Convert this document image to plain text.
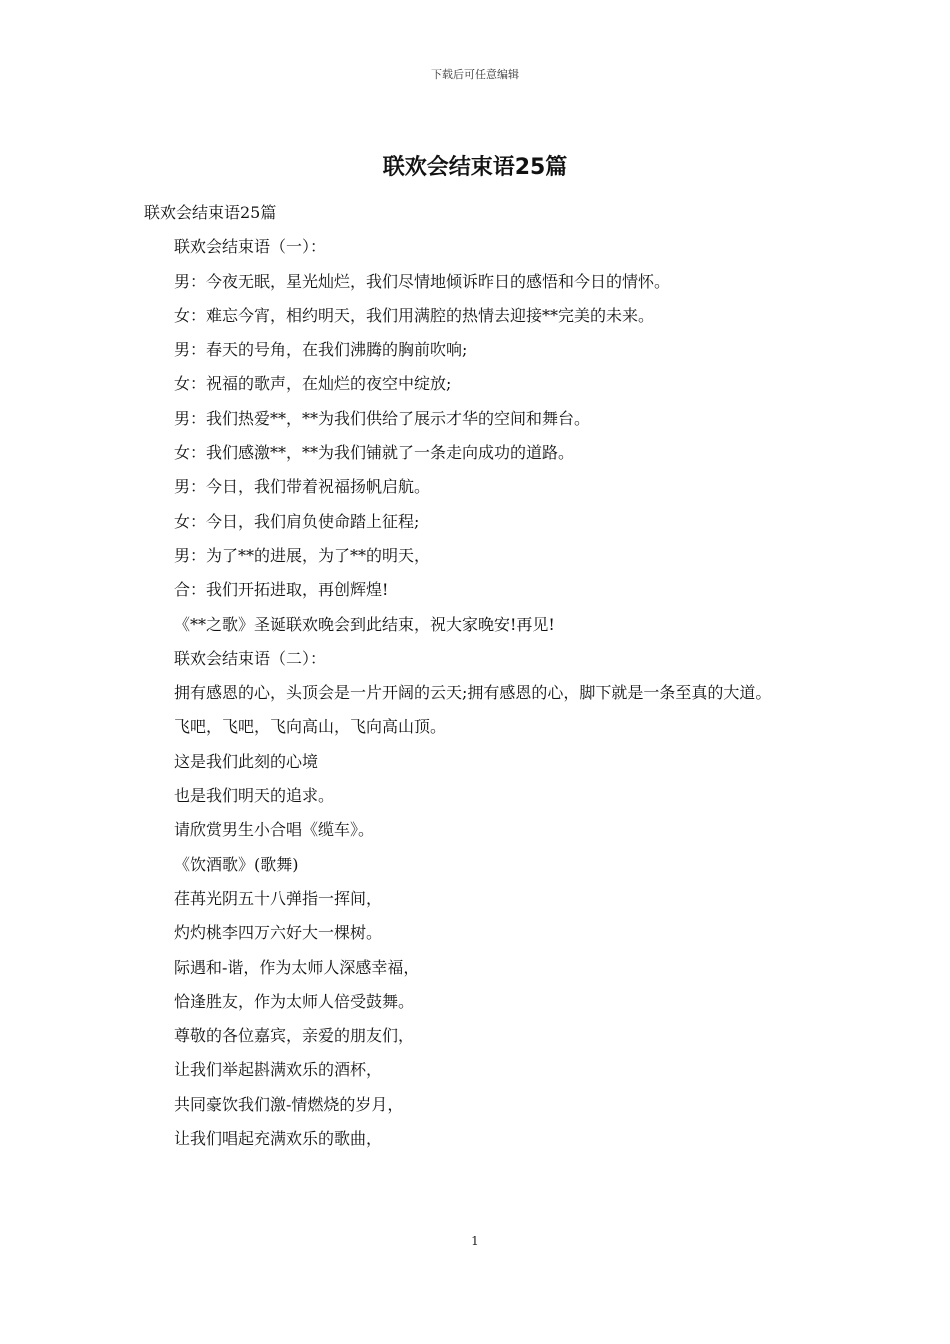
下载后可任意编辑
联欢会结束语25篇

联欢会结束语25篇

联欢会结束语（一）：

男：今夜无眠，星光灿烂，我们尽情地倾诉昨日的感悟和今日的情怀。

女：难忘今宵，相约明天，我们用满腔的热情去迎接**完美的未来。

男：春天的号角，在我们沸腾的胸前吹响;

女：祝福的歌声，在灿烂的夜空中绽放;

男：我们热爱**，**为我们供给了展示才华的空间和舞台。

女：我们感激**，**为我们铺就了一条走向成功的道路。

男：今日，我们带着祝福扬帆启航。

女：今日，我们肩负使命踏上征程;

男：为了**的进展，为了**的明天，

合：我们开拓进取，再创辉煌!

《**之歌》圣诞联欢晚会到此结束，祝大家晚安!再见!

联欢会结束语（二）：

拥有感恩的心，头顶会是一片开阔的云天;拥有感恩的心，脚下就是一条至真的大道。

飞吧，飞吧，飞向高山，飞向高山顶。

这是我们此刻的心境

也是我们明天的追求。

请欣赏男生小合唱《缆车》。

《饮酒歌》(歌舞)

荏苒光阴五十八弹指一挥间，

灼灼桃李四万六好大一棵树。

际遇和-谐，作为太师人深感幸福，

恰逢胜友，作为太师人倍受鼓舞。

尊敬的各位嘉宾，亲爱的朋友们，

让我们举起斟满欢乐的酒杯，

共同豪饮我们激-情燃烧的岁月，

让我们唱起充满欢乐的歌曲，

1
